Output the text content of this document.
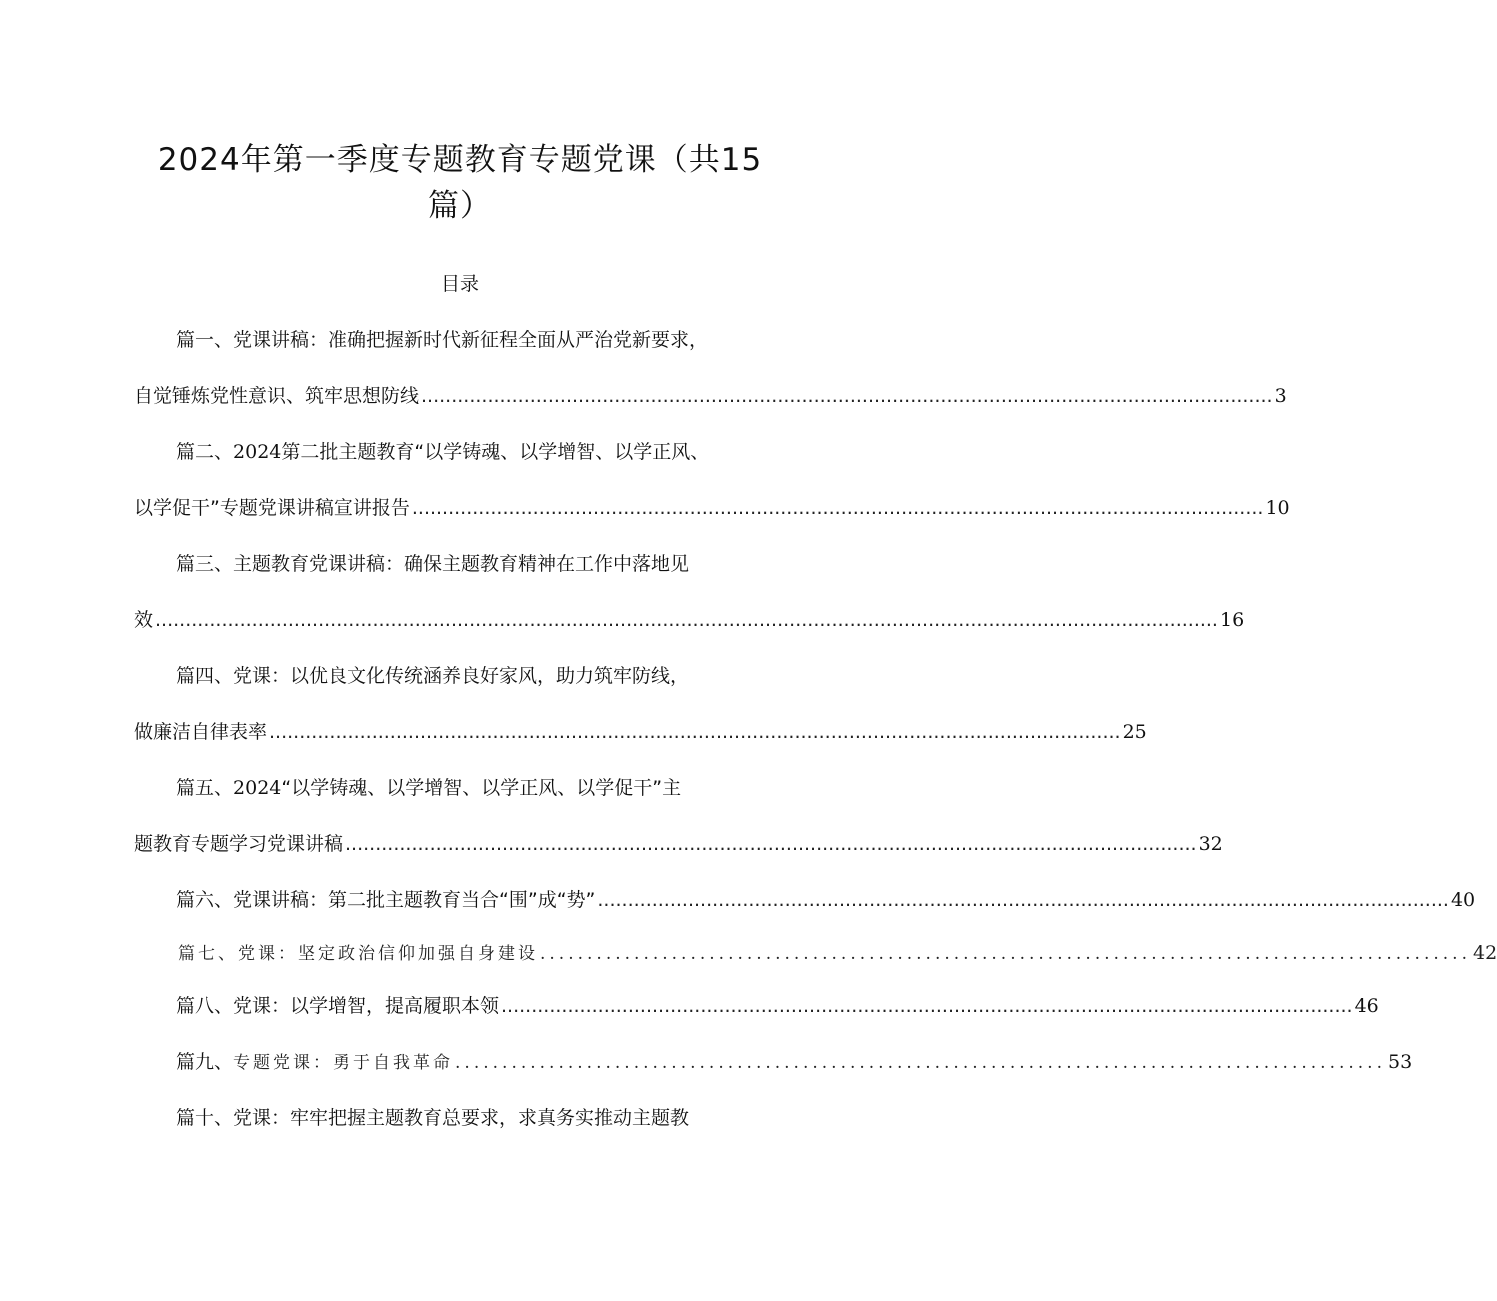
2024年第一季度专题教育专题党课（共15
篇）
目录
篇一、党课讲稿：准确把握新时代新征程全面从严治党新要求，
自觉锤炼党性意识、筑牢思想防线 ............................................................................................................................................. 3
篇二、2024第二批主题教育“以学铸魂、以学增智、以学正风、
以学促干”专题党课讲稿宣讲报告 ............................................................................................................................................. 10
篇三、主题教育党课讲稿：确保主题教育精神在工作中落地见
效 ................................................................................................................................................................................ 16
篇四、党课：以优良文化传统涵养良好家风，助力筑牢防线，
做廉洁自律表率 ............................................................................................................................................. 25
篇五、2024“以学铸魂、以学增智、以学正风、以学促干”主
题教育专题学习党课讲稿 ............................................................................................................................................. 32
篇六、党课讲稿：第二批主题教育当合“围”成“势” ............................................................................................................................................. 40
篇七、党课：坚定政治信仰加强自身建设 ................................................................................................... 42
篇八、党课：以学增智，提高履职本领 ............................................................................................................................................. 46
篇九、专题党课：勇于自我革命 ................................................................................................... 53
篇十、党课：牢牢把握主题教育总要求，求真务实推动主题教
